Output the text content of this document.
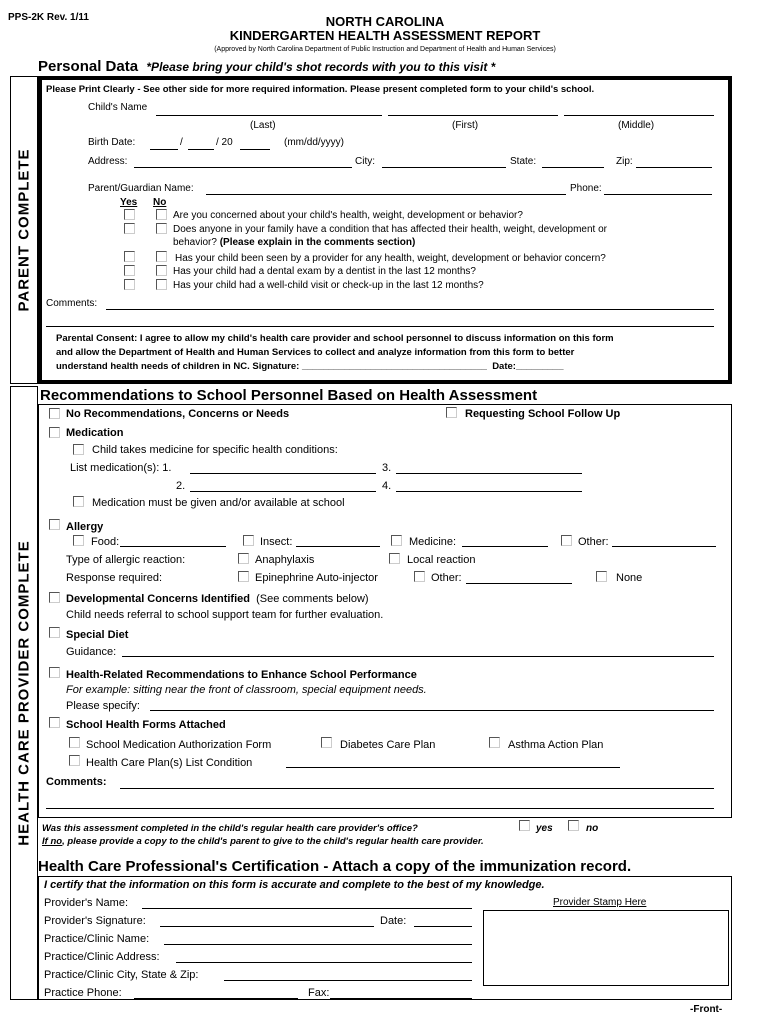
PPS-2K Rev. 1/11	NORTH CAROLINA
KINDERGARTEN HEALTH ASSESSMENT REPORT
(Approved by North Carolina Department of Public Instruction and Department of Health and Human Services)
Personal Data *Please bring your child's shot records with you to this visit *
PARENT COMPLETE
Please Print Clearly - See other side for more required information. Please present completed form to your child's school.
Child's Name
(Last)	(First)	(Middle)
Birth Date:	/	/ 20	(mm/dd/yyyy)
Address:	City:	State:	Zip:
Parent/Guardian Name:	Phone:
Yes No
Are you concerned about your child's health, weight, development or behavior?
Does anyone in your family have a condition that has affected their health, weight, development or
behavior? (Please explain in the comments section)
Has your child been seen by a provider for any health, weight, development or behavior concern?
Has your child had a dental exam by a dentist in the last 12 months?
Has your child had a well-child visit or check-up in the last 12 months?
Comments:
Parental Consent: I agree to allow my child's health care provider and school personnel to discuss information on this form
and allow the Department of Health and Human Services to collect and analyze information from this form to better
understand health needs of children in NC. Signature: ___________________________________ Date:_________
HEALTH CARE PROVIDER COMPLETE
Recommendations to School Personnel Based on Health Assessment
No Recommendations, Concerns or Needs	Requesting School Follow Up
Medication
Child takes medicine for specific health conditions:
List medication(s): 1.	3.
2.	4.
Medication must be given and/or available at school
Allergy
Food:	Insect:	Medicine:	Other:
Type of allergic reaction:	Anaphylaxis	Local reaction
Response required:	Epinephrine Auto-injector	Other:	None
Developmental Concerns Identified (See comments below)
Child needs referral to school support team for further evaluation.
Special Diet
Guidance:
Health-Related Recommendations to Enhance School Performance
For example: sitting near the front of classroom, special equipment needs.
Please specify:
School Health Forms Attached
School Medication Authorization Form	Diabetes Care Plan	Asthma Action Plan
Health Care Plan(s) List Condition
Comments:
Was this assessment completed in the child's regular health care provider's office?	yes	no
If no, please provide a copy to the child's parent to give to the child's regular health care provider.
Health Care Professional's Certification - Attach a copy of the immunization record.
I certify that the information on this form is accurate and complete to the best of my knowledge.
Provider's Name:
Provider's Signature:	Date:
Practice/Clinic Name:
Practice/Clinic Address:
Practice/Clinic City, State & Zip:
Practice Phone:	Fax:
Provider Stamp Here
-Front-
